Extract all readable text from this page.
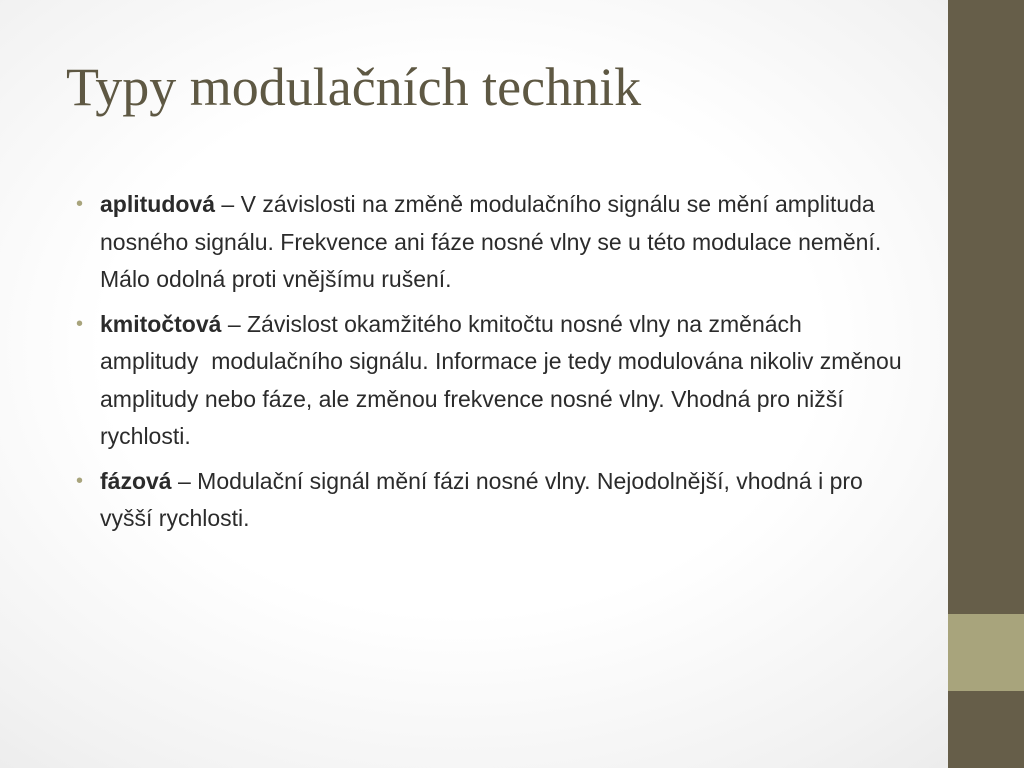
Typy modulačních technik
• aplitudová – V závislosti na změně modulačního signálu se mění amplituda nosného signálu. Frekvence ani fáze nosné vlny se u této modulace nemění. Málo odolná proti vnějšímu rušení.
• kmitočtová – Závislost okamžitého kmitočtu nosné vlny na změnách amplitudy  modulačního signálu. Informace je tedy modulována nikoliv změnou amplitudy nebo fáze, ale změnou frekvence nosné vlny. Vhodná pro nižší rychlosti.
• fázová – Modulační signál mění fázi nosné vlny. Nejodolnější, vhodná i pro vyšší rychlosti.
